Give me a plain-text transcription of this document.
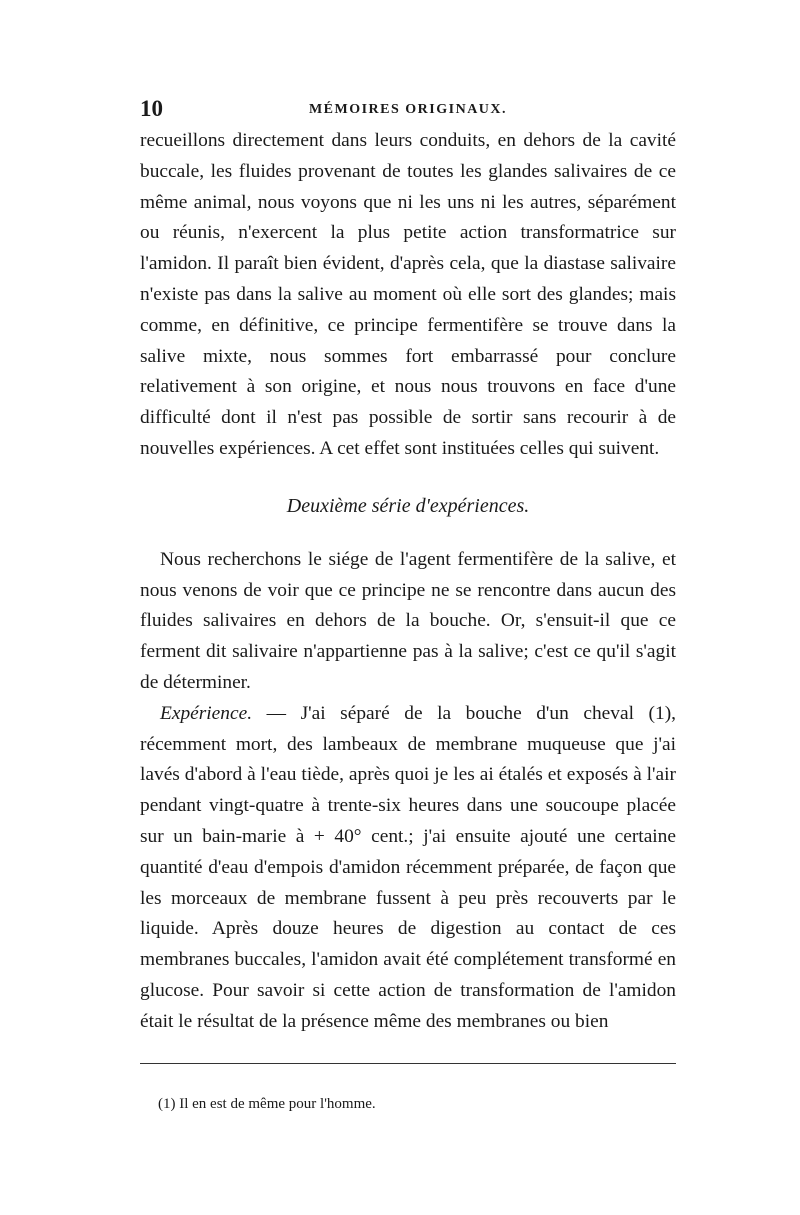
10	MÉMOIRES ORIGINAUX.

recueillons directement dans leurs conduits, en dehors de la cavité buccale, les fluides provenant de toutes les glandes salivaires de ce même animal, nous voyons que ni les uns ni les autres, séparément ou réunis, n'exercent la plus petite action transformatrice sur l'amidon. Il paraît bien évident, d'après cela, que la diastase salivaire n'existe pas dans la salive au moment où elle sort des glandes; mais comme, en définitive, ce principe fermentifère se trouve dans la salive mixte, nous sommes fort embarrassé pour conclure relativement à son origine, et nous nous trouvons en face d'une difficulté dont il n'est pas possible de sortir sans recourir à de nouvelles expériences. A cet effet sont instituées celles qui suivent.

Deuxième série d'expériences.

Nous recherchons le siége de l'agent fermentifère de la salive, et nous venons de voir que ce principe ne se rencontre dans aucun des fluides salivaires en dehors de la bouche. Or, s'ensuit-il que ce ferment dit salivaire n'appartienne pas à la salive; c'est ce qu'il s'agit de déterminer.

Expérience. — J'ai séparé de la bouche d'un cheval (1), récemment mort, des lambeaux de membrane muqueuse que j'ai lavés d'abord à l'eau tiède, après quoi je les ai étalés et exposés à l'air pendant vingt-quatre à trente-six heures dans une soucoupe placée sur un bain-marie à + 40° cent.; j'ai ensuite ajouté une certaine quantité d'eau d'empois d'amidon récemment préparée, de façon que les morceaux de membrane fussent à peu près recouverts par le liquide. Après douze heures de digestion au contact de ces membranes buccales, l'amidon avait été complétement transformé en glucose. Pour savoir si cette action de transformation de l'amidon était le résultat de la présence même des membranes ou bien

(1) Il en est de même pour l'homme.
